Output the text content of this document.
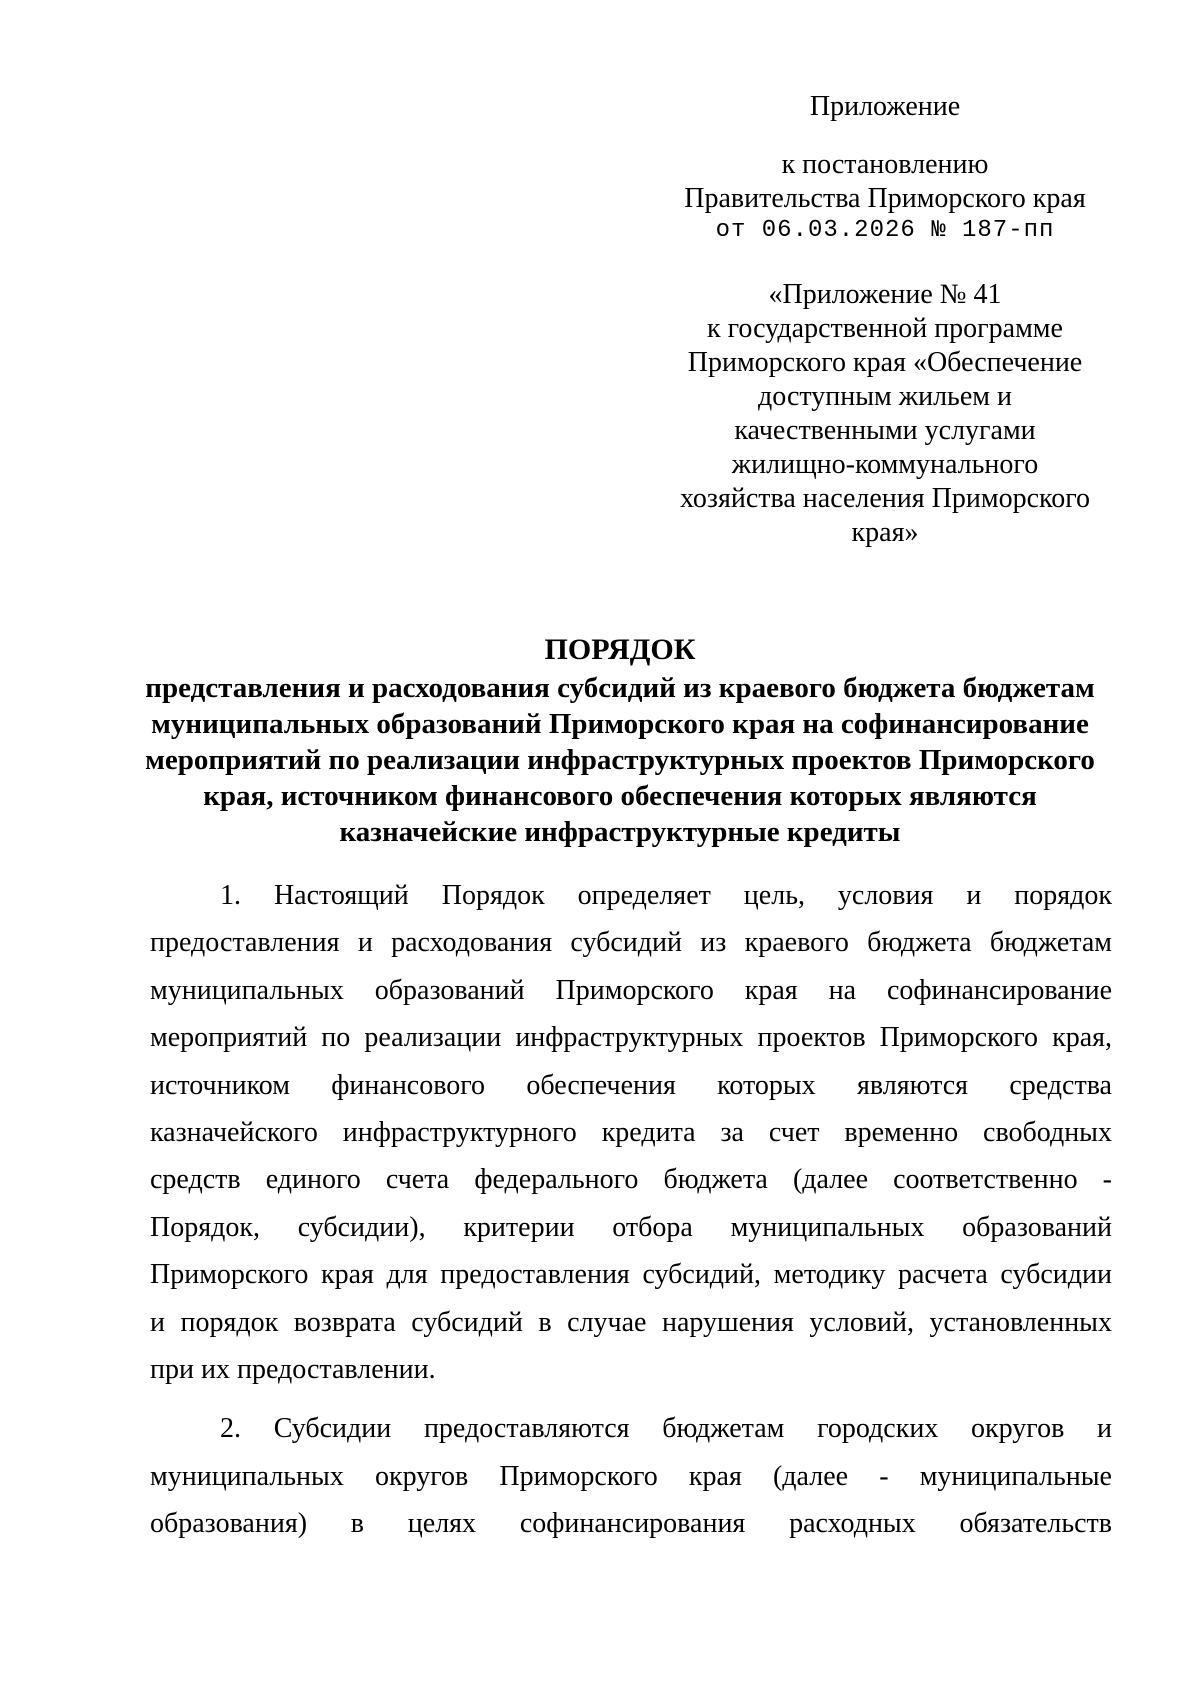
Приложение
к постановлению
Правительства Приморского края
от 06.03.2026 № 187-пп
«Приложение № 41
к государственной программе
Приморского края «Обеспечение
доступным жильем и
качественными услугами
жилищно-коммунального
хозяйства населения Приморского
края»
ПОРЯДОК
представления и расходования субсидий из краевого бюджета бюджетам
муниципальных образований Приморского края на софинансирование
мероприятий по реализации инфраструктурных проектов Приморского
края, источником финансового обеспечения которых являются
казначейские инфраструктурные кредиты
1. Настоящий Порядок определяет цель, условия и порядок
предоставления и расходования субсидий из краевого бюджета бюджетам
муниципальных образований Приморского края на софинансирование
мероприятий по реализации инфраструктурных проектов Приморского края,
источником финансового обеспечения которых являются средства
казначейского инфраструктурного кредита за счет временно свободных
средств единого счета федерального бюджета (далее соответственно -
Порядок, субсидии), критерии отбора муниципальных образований
Приморского края для предоставления субсидий, методику расчета субсидии
и порядок возврата субсидий в случае нарушения условий, установленных
при их предоставлении.
2. Субсидии предоставляются бюджетам городских округов и
муниципальных округов Приморского края (далее - муниципальные
образования) в целях софинансирования расходных обязательств
